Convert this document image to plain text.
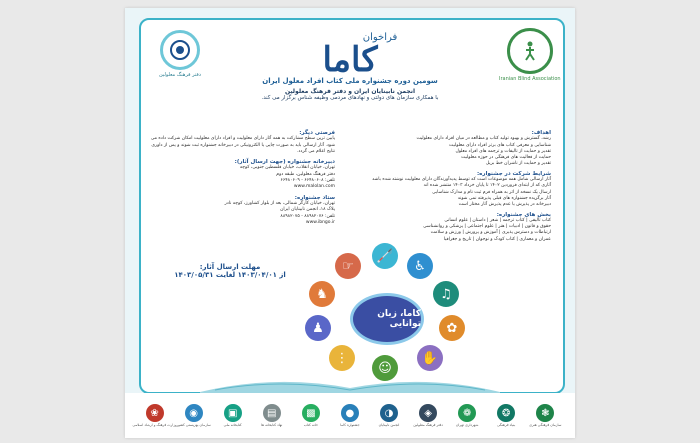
دفتر فرهنگ معلولین
Iranian Blind Association
فراخوان
کاما
سومین دوره جشنواره ملی کتاب افراد معلول ایران
انجمن نابینایان ایران و دفتر فرهنگ معلولین
با همکاری سازمان های دولتی و نهادهای مردمی وظیفه شناس برگزار می کند.
اهداف:
رشد، گسترش و بهبود تولید کتاب و مطالعه در میان افراد دارای معلولیت
شناسایی و معرفی کتاب های برتر افراد دارای معلولیت
تقدیر و حمایت از تالیفات و ترجمه های افراد معلول
حمایت از فعالیت های فرهنگی در حوزه معلولیت
تقدیر و حمایت از ناشران خط بریل
شرایط شرکت در جشنواره:
آثار ارسالی شامل همه موضوعات است که توسط پدیدآورندگان دارای معلولیت نوشته شده باشد
آثاری که از ابتدای فروردین ۱۴۰۲ تا پایان خرداد ۱۴۰۳ منتشر شده اند
ارسال یک نسخه از اثر به همراه فرم ثبت نام و مدارک شناسایی
آثار برگزیده جشنواره های قبلی پذیرفته نمی شوند
دبیرخانه در پذیرش یا عدم پذیرش آثار مختار است
بخش های جشنواره:
کتاب تالیفی | کتاب ترجمه | شعر | داستان | علوم انسانی
حقوق و قانون | ادبیات | هنر | علوم اجتماعی | پزشکی و روانشناسی
ارتباطات و دسترس پذیری | آموزش و پرورش | ورزش و سلامت
عمران و معماری | کتاب کودک و نوجوان | تاریخ و جغرافیا
فرصتی دیگر:
پایین ترین سطح مشارکت به همه آثار دارای معلولیت و افراد دارای معلولیت امکان شرکت داده می شود. آثار ارسالی باید به صورت چاپی یا الکترونیکی در دبیرخانه جشنواره ثبت شوند و پس از داوری نتایج اعلام می گردد.
دبیرخانه جشنواره (جهت ارسال آثار):
تهران، خیابان انقلاب، خیابان فلسطین جنوبی، کوچه
دفتر فرهنگ معلولین، طبقه دوم
تلفن: ۶۶۴۸۰۶۰۸ - ۶۶۴۸۰۶۰۹
www.malolan.com
ستاد جشنواره:
تهران، خیابان کارگر شمالی، بعد از بلوار کشاورز، کوچه نادر
پلاک ۱۸، انجمن نابینایان ایران
تلفن: ۸۸۹۸۲۰۷۶ - ۸۸۹۸۲۰۷۵
www.ibngo.ir
مهلت ارسال آثار:
از ۱۴۰۳/۰۴/۰۱ لغایت ۱۴۰۳/۰۵/۳۱
🦯
♿
♫
✿
✋
☺
⋮
♟
♞
☞
کاما، زبان توانایی
❀
وزارت فرهنگ و ارشاد اسلامی
◉
سازمان بهزیستی کشور
▣
کتابخانه ملی
▤
نهاد کتابخانه ها
▩
خانه کتاب
●
جشنواره کاما
◑
انجمن نابینایان
◈
دفتر فرهنگ معلولین
❁
شهرداری تهران
❂
بنیاد فرهنگی
❃
سازمان فرهنگی هنری
